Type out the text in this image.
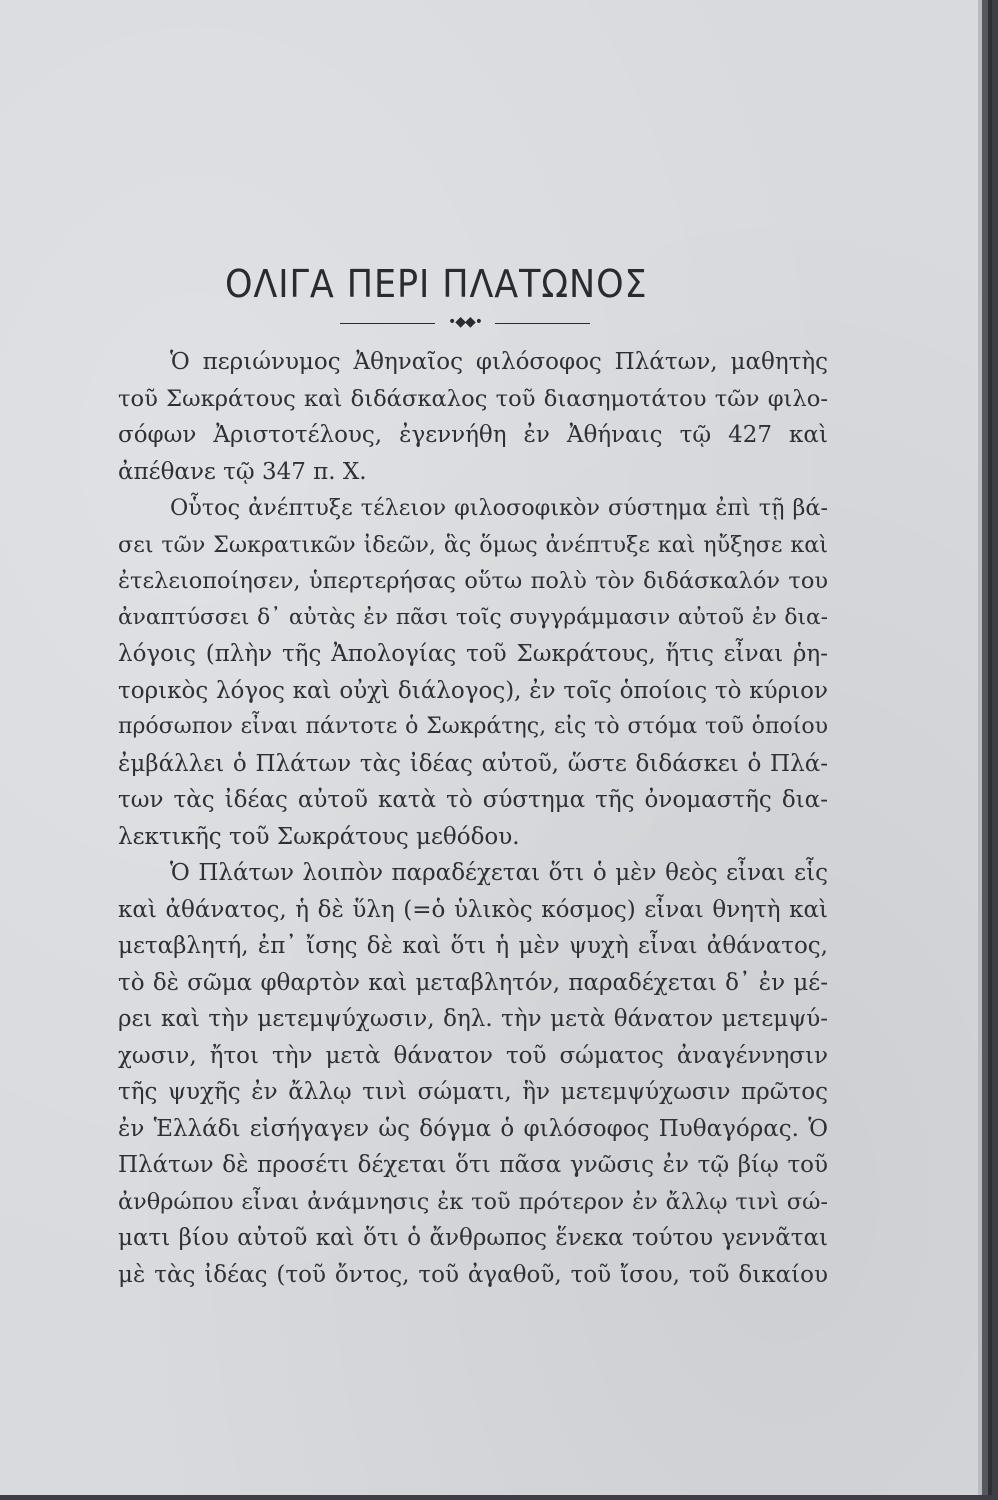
ΟΛΙΓΑ ΠΕΡΙ ΠΛΑΤΩΝΟΣ
•◆◆•
Ὁ περιώνυμος Ἀθηναῖος φιλόσοφος Πλάτων, μαθητὴς
τοῦ Σωκράτους καὶ διδάσκαλος τοῦ διασημοτάτου τῶν φιλο-
σόφων Ἀριστοτέλους, ἐγεννήθη ἐν Ἀθήναις τῷ 427 καὶ
ἀπέθανε τῷ 347 π. Χ.
Οὗτος ἀνέπτυξε τέλειον φιλοσοφικὸν σύστημα ἐπὶ τῇ βά-
σει τῶν Σωκρατικῶν ἰδεῶν, ἃς ὅμως ἀνέπτυξε καὶ ηὔξησε καὶ
ἐτελειοποίησεν, ὑπερτερήσας οὕτω πολὺ τὸν διδάσκαλόν του
ἀναπτύσσει δ᾽ αὐτὰς ἐν πᾶσι τοῖς συγγράμμασιν αὐτοῦ ἐν δια-
λόγοις (πλὴν τῆς Ἀπολογίας τοῦ Σωκράτους, ἥτις εἶναι ῥη-
τορικὸς λόγος καὶ οὐχὶ διάλογος), ἐν τοῖς ὁποίοις τὸ κύριον
πρόσωπον εἶναι πάντοτε ὁ Σωκράτης, εἰς τὸ στόμα τοῦ ὁποίου
ἐμβάλλει ὁ Πλάτων τὰς ἰδέας αὐτοῦ, ὥστε διδάσκει ὁ Πλά-
των τὰς ἰδέας αὐτοῦ κατὰ τὸ σύστημα τῆς ὀνομαστῆς δια-
λεκτικῆς τοῦ Σωκράτους μεθόδου.
Ὁ Πλάτων λοιπὸν παραδέχεται ὅτι ὁ μὲν θεὸς εἶναι εἷς
καὶ ἀθάνατος, ἡ δὲ ὕλη (=ὁ ὑλικὸς κόσμος) εἶναι θνητὴ καὶ
μεταβλητή, ἐπ᾽ ἴσης δὲ καὶ ὅτι ἡ μὲν ψυχὴ εἶναι ἀθάνατος,
τὸ δὲ σῶμα φθαρτὸν καὶ μεταβλητόν, παραδέχεται δ᾽ ἐν μέ-
ρει καὶ τὴν μετεμψύχωσιν, δηλ. τὴν μετὰ θάνατον μετεμψύ-
χωσιν, ἤτοι τὴν μετὰ θάνατον τοῦ σώματος ἀναγέννησιν
τῆς ψυχῆς ἐν ἄλλῳ τινὶ σώματι, ἣν μετεμψύχωσιν πρῶτος
ἐν Ἑλλάδι εἰσήγαγεν ὡς δόγμα ὁ φιλόσοφος Πυθαγόρας. Ὁ
Πλάτων δὲ προσέτι δέχεται ὅτι πᾶσα γνῶσις ἐν τῷ βίῳ τοῦ
ἀνθρώπου εἶναι ἀνάμνησις ἐκ τοῦ πρότερον ἐν ἄλλῳ τινὶ σώ-
ματι βίου αὐτοῦ καὶ ὅτι ὁ ἄνθρωπος ἕνεκα τούτου γεννᾶται
μὲ τὰς ἰδέας (τοῦ ὄντος, τοῦ ἀγαθοῦ, τοῦ ἴσου, τοῦ δικαίου
